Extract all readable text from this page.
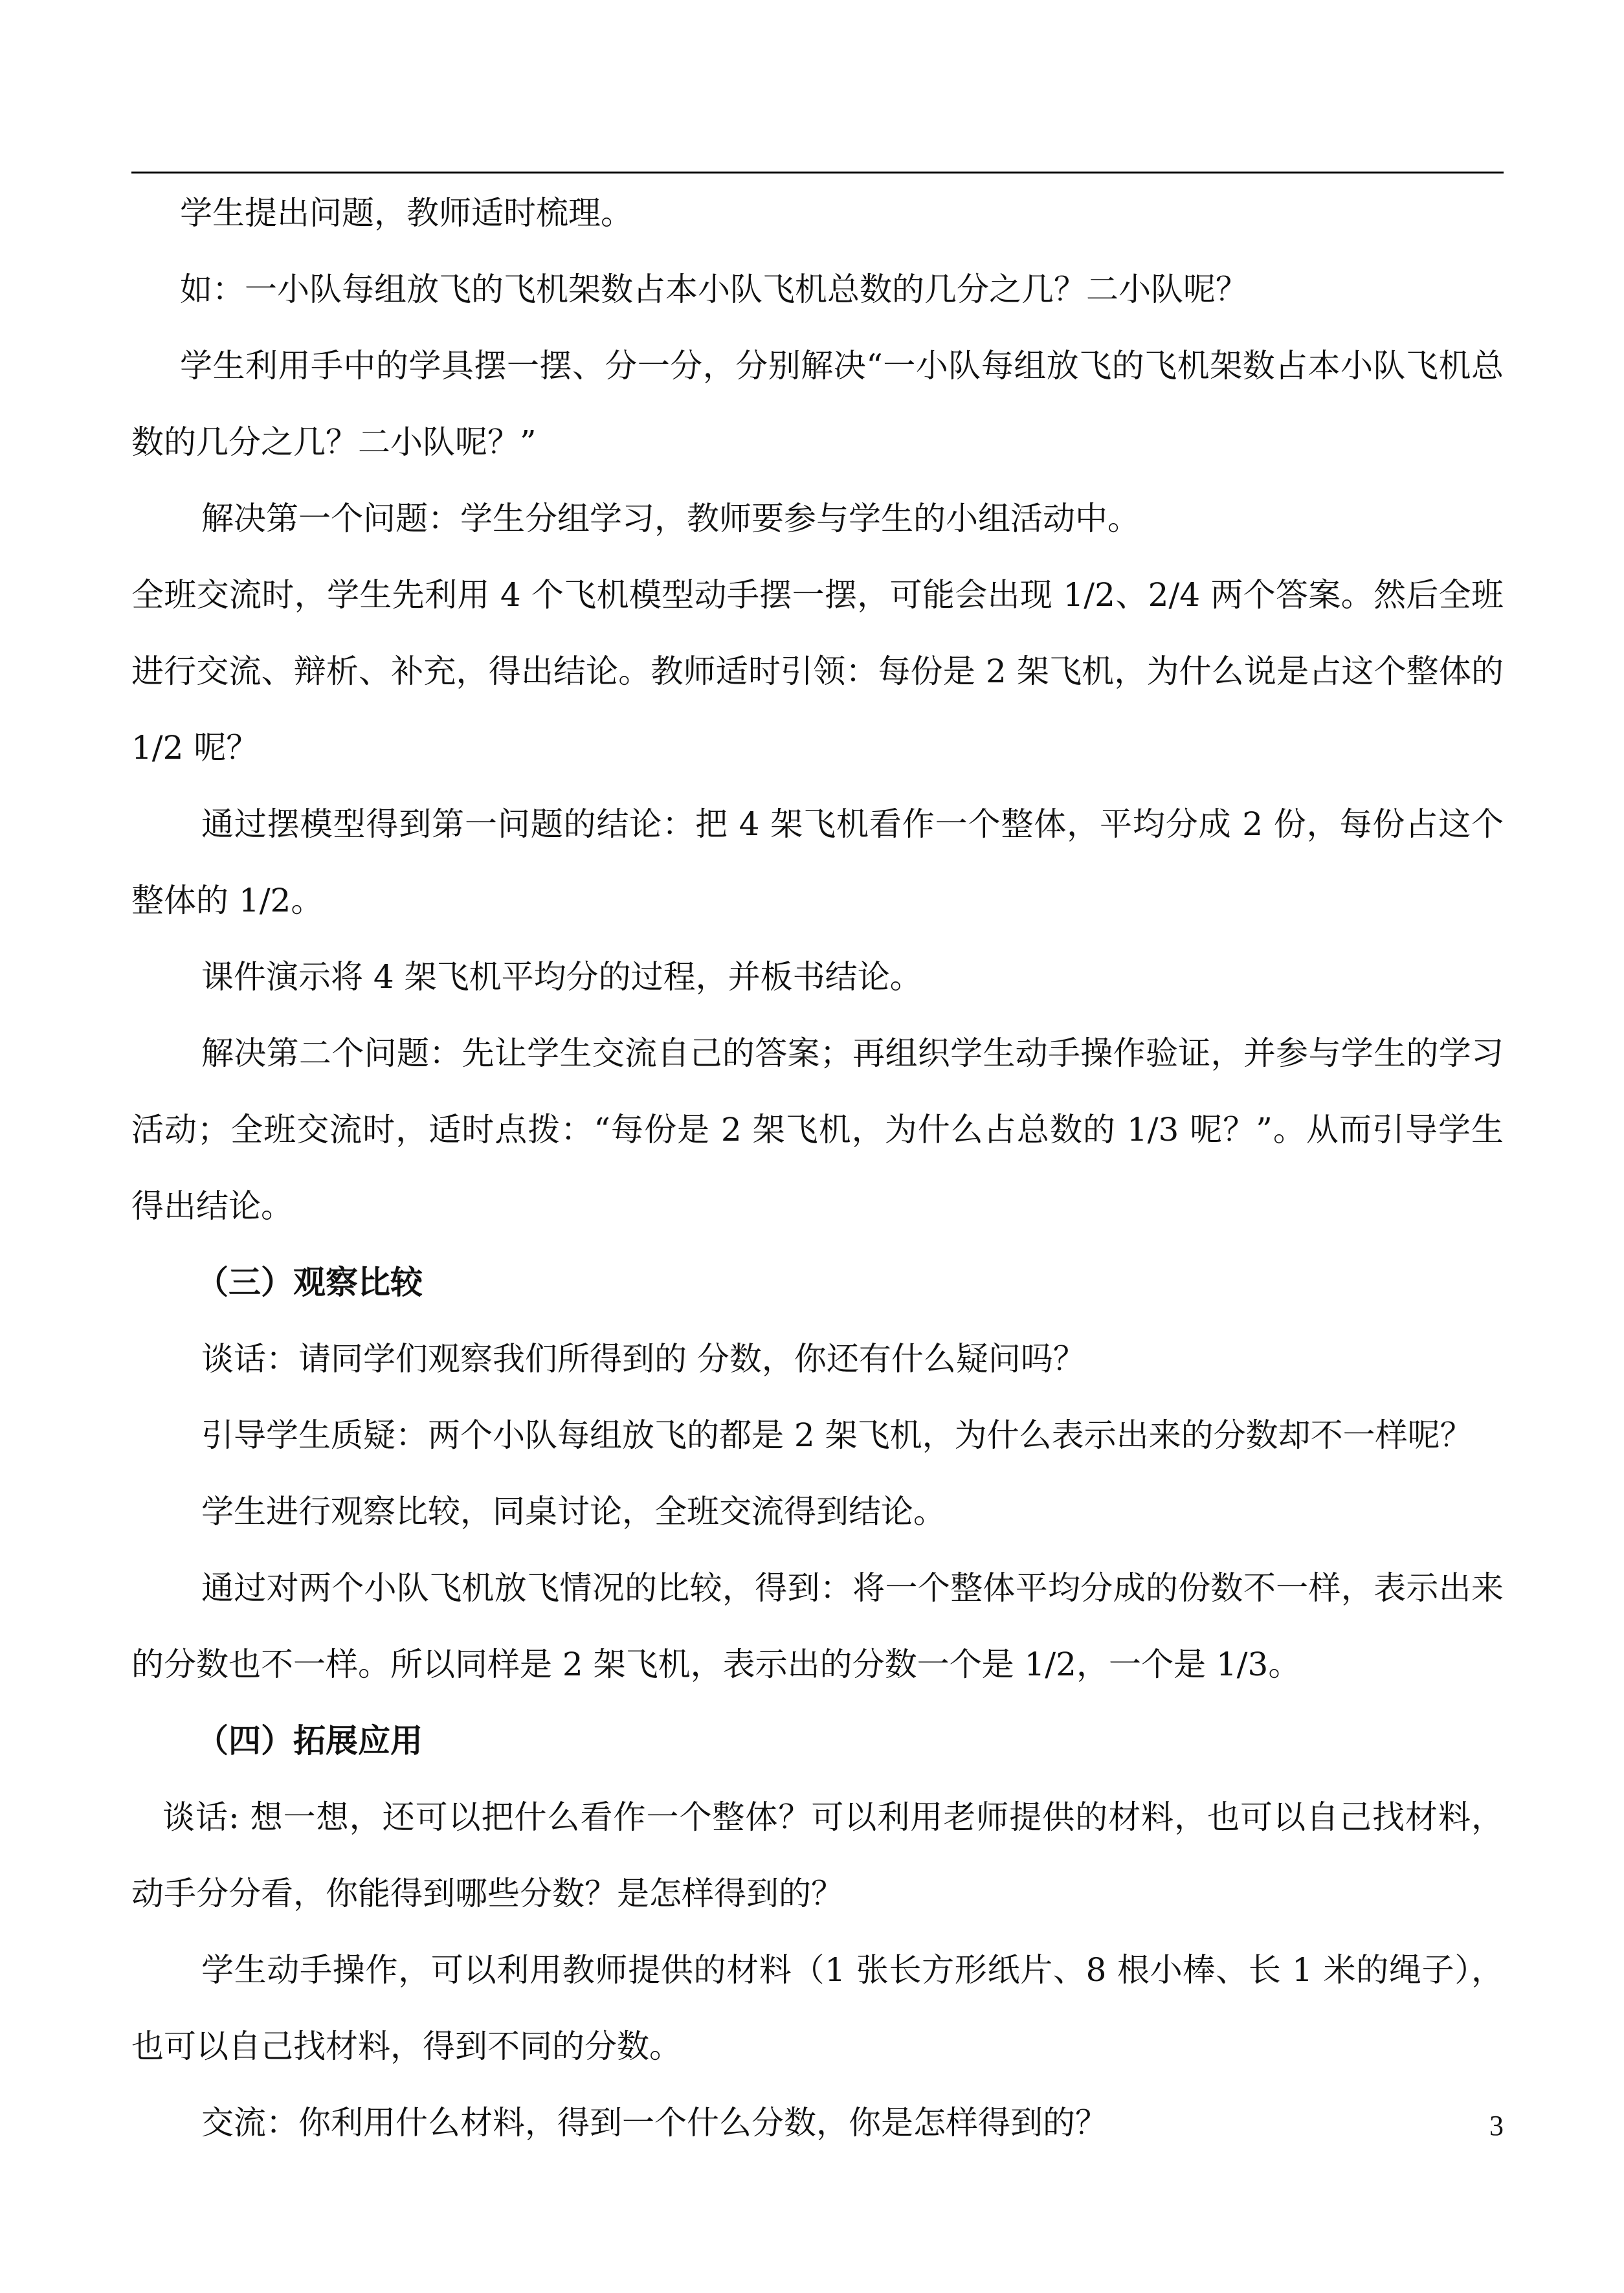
学生提出问题，教师适时梳理。

如：一小队每组放飞的飞机架数占本小队飞机总数的几分之几？二小队呢？

学生利用手中的学具摆一摆、分一分，分别解决“一小队每组放飞的飞机架数占本小队飞机总数的几分之几？二小队呢？”

解决第一个问题：学生分组学习，教师要参与学生的小组活动中。

全班交流时，学生先利用 4 个飞机模型动手摆一摆，可能会出现 1/2、2/4 两个答案。然后全班进行交流、辩析、补充，得出结论。教师适时引领：每份是 2 架飞机，为什么说是占这个整体的 1/2 呢？

通过摆模型得到第一问题的结论：把 4 架飞机看作一个整体，平均分成 2 份，每份占这个整体的 1/2。

课件演示将 4 架飞机平均分的过程，并板书结论。

解决第二个问题：先让学生交流自己的答案；再组织学生动手操作验证，并参与学生的学习活动；全班交流时，适时点拨：“每份是 2 架飞机，为什么占总数的 1/3 呢？”。从而引导学生得出结论。

（三）观察比较

谈话：请同学们观察我们所得到的 分数，你还有什么疑问吗？

引导学生质疑：两个小队每组放飞的都是 2 架飞机，为什么表示出来的分数却不一样呢？

学生进行观察比较，同桌讨论，全班交流得到结论。

通过对两个小队飞机放飞情况的比较，得到：将一个整体平均分成的份数不一样，表示出来的分数也不一样。所以同样是 2 架飞机，表示出的分数一个是 1/2，一个是 1/3。

（四）拓展应用

谈话: 想一想，还可以把什么看作一个整体？可以利用老师提供的材料，也可以自己找材料，动手分分看，你能得到哪些分数？是怎样得到的？

学生动手操作，可以利用教师提供的材料（1 张长方形纸片、8 根小棒、长 1 米的绳子），也可以自己找材料，得到不同的分数。

交流：你利用什么材料，得到一个什么分数，你是怎样得到的？	3
